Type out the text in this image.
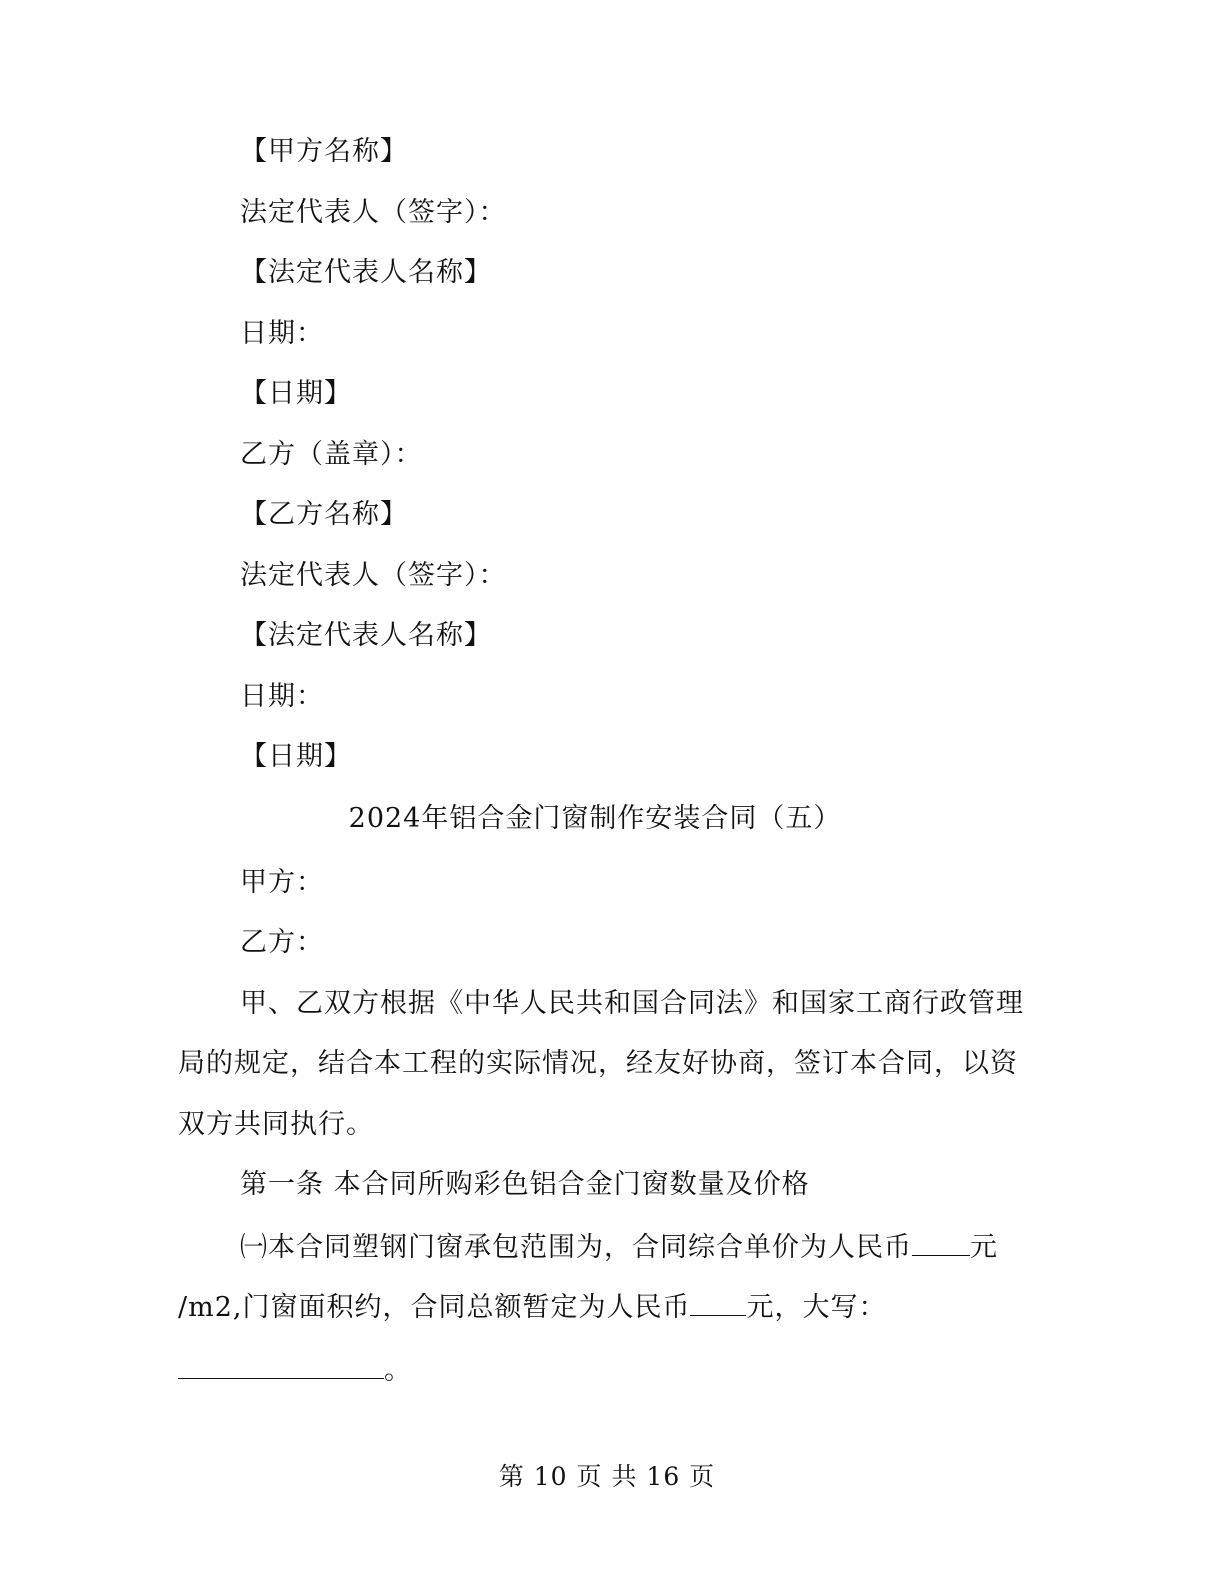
【甲方名称】
法定代表人（签字）：
【法定代表人名称】
日期：
【日期】
乙方（盖章）：
【乙方名称】
法定代表人（签字）：
【法定代表人名称】
日期：
【日期】
2024年铝合金门窗制作安装合同（五）
甲方：
乙方：
甲、乙双方根据《中华人民共和国合同法》和国家工商行政管理
局的规定，结合本工程的实际情况，经友好协商，签订本合同，以资
双方共同执行。
第一条 本合同所购彩色铝合金门窗数量及价格
㈠本合同塑钢门窗承包范围为，合同综合单价为人民币 元
/m2,门窗面积约，合同总额暂定为人民币 元，大写：
。
第 10 页 共 16 页
